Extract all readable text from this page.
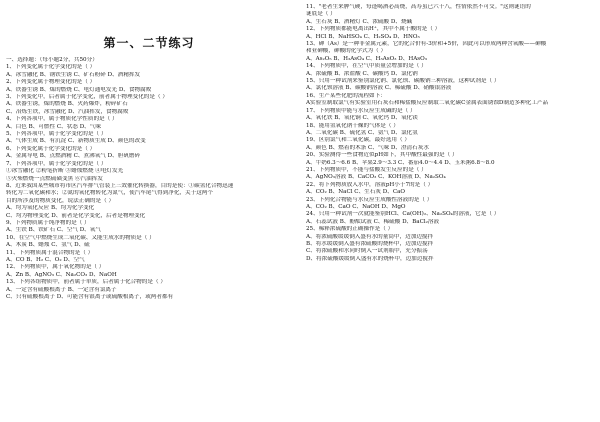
第一、二节练习
一、选择题：（每小题2分，共50分）
1、下列变化属于化学变化的是（ ）
A、冰雪融化 B、钢铁生锈 C、矿石粉碎 D、酒精挥发
2、下列变化属于物理变化的是（ ）
A、铁器生锈 B、煤的燃烧 C、电灯通电发光 D、食物腐败
3、下列变化中，后者属于化学变化，前者属于物理变化的是（ ）
A、铁器生锈，煤的燃烧 B、火药爆炸，粉碎矿石
C、冶炼生铁，冰雪融化 D、汽油挥发，食物腐败
4、下列各项中，属于物质化学性质的是（ ）
A、白色 B、可燃性 C、状态 D、气味
5、下列各项中，属于化学变化的是（ ）
A、气体生成 B、有沉淀 C、新物质生成 D、颜色的改变
6、下列变化属于化学变化的是（ ）
A、金属导电 B、点燃酒精 C、煮沸氧气 D、胆矾磨碎
7、下列各项中，属于化学变化的是（ ）
①冰雪融化 ②粉笔折断 ③蜡烛燃烧 ④电灯发光
⑤火柴燃烧一点燃硫磺变黑 ⑥汽油挥发
8、近来我国某些城市将市区汽车排气管装上三效催化转换器，目的是使：①碳氢化合物迅速
转化为二氧化碳和水；②氮的氧化物转化为氮气，使汽车尾气得到净化，关于这两个
目的所涉及的物质变化，说法正确的是（ ）
A、均为氧化反应 B、均为化学变化
C、均为物理变化 D、前者是化学变化，后者是物理变化
9、下列物质属于纯净物的是（ ）
A、生铁 B、铁矿石 C、空气 D、氧气
10、在空气中燃烧生成二氧化碳、又能生成水的物质是（ ）
A、木炭 B、蜡烛 C、氢气 D、硫
11、下列物质属于混合物的是（ ）
A、CO B、H₂ C、O₂ D、空气
12、下列物质中，属于氧化物的是（ ）
A、Zn B、AgNO₃ C、Na₂CO₃ D、NaOH
13、下列各组物质中，前者属于单质，后者属于化合物的是（ ）
A、一定含有硫酸根离子 B、一定含有氯离子
C、只有硫酸根离子 D、可能含有银离子或硫酸根离子，或两者都有
11、"老者生来脾气硬，每逢喝酒必高烧，高寿虽已六十八，性情依然不可交。"这则谜语的
谜底是（ ）
A、生石灰 B、酒精灯 C、浓硫酸 D、烧碱
12、下列物质都能电离出H⁺，其中不属于酸的是（ ）
A、HCl B、NaHSO₄ C、H₂SO₄ D、HNO₃
13、砷（As）是一种非金属元素，它的化合价有-3价和+5价，因此可以形成两种含氧酸——砷酸
和亚砷酸，砷酸的化学式为（ ）
A、As₂O₅ B、H₃AsO₄ C、H₃AsO₃ D、HAsO₃
14、下列物质中，在空气中质量会增加的是（ ）
A、浓硫酸 B、浓盐酸 C、碳酸钙 D、氯化钠
15、只用一种试剂来鉴别氯化钠、氯化钡、碳酸钠三种溶液，这种试剂是（ ）
A、氯化钡溶液 B、碳酸钠溶液 C、稀硫酸 D、硝酸银溶液
16、生产某些化肥的流程如下：
A实验室制取氯气有实验室用石灰石和稀盐酸反应制取二氧化碳C金属表面锈蚀D制造多种化工产品
17、下列物质中能与水反应生成碱的是（ ）
A、氧化铁 B、氧化铜 C、氧化钙 D、氧化镁
18、能用氢氧化钠干燥的气体是（ ）
A、二氧化碳 B、硫化氢 C、氨气 D、氯化氢
19、区别氯气和二氧化碳，最好选用（ ）
A、颜色 B、燃着的木条 C、气味 D、澄清石灰水
20、实验测得一些食物近似pH如下，其中酸性最强的是（ ）
A、牛奶6.3～6.6 B、苹果2.9～3.3 C、番茄4.0～4.4 D、玉米粥6.8～8.0
21、下列物质中，不能与盐酸发生反应的是（ ）
A、AgNO₃溶液 B、CaCO₃ C、KOH溶液 D、Na₂SO₄
22、将下列物质放入水中，溶液pH小于7的是（ ）
A、CO₂ B、NaCl C、生石灰 D、CaO
23、下列化合物能与水反应生成酸性溶液的是（ ）
A、CO₂ B、CaO C、NaOH D、MgO
24、只用一种试剂一次就能鉴别HCl、Ca(OH)₂、Na₂SO₄的溶液，它是（ ）
A、石蕊试液 B、酚酞试液 C、稀硫酸 D、BaCl₂溶液
25、稀释浓硫酸的正确操作是（ ）
A、将浓硫酸缓缓倒入盛有水的量筒中，边加边搅拌
B、将水缓缓倒入盛有浓硫酸的烧杯中，边加边搅拌
C、将浓硫酸和水同时倒入一试剂瓶中，充分振荡
D、将浓硫酸缓缓倒入盛有水的烧杯中，边加边搅拌
